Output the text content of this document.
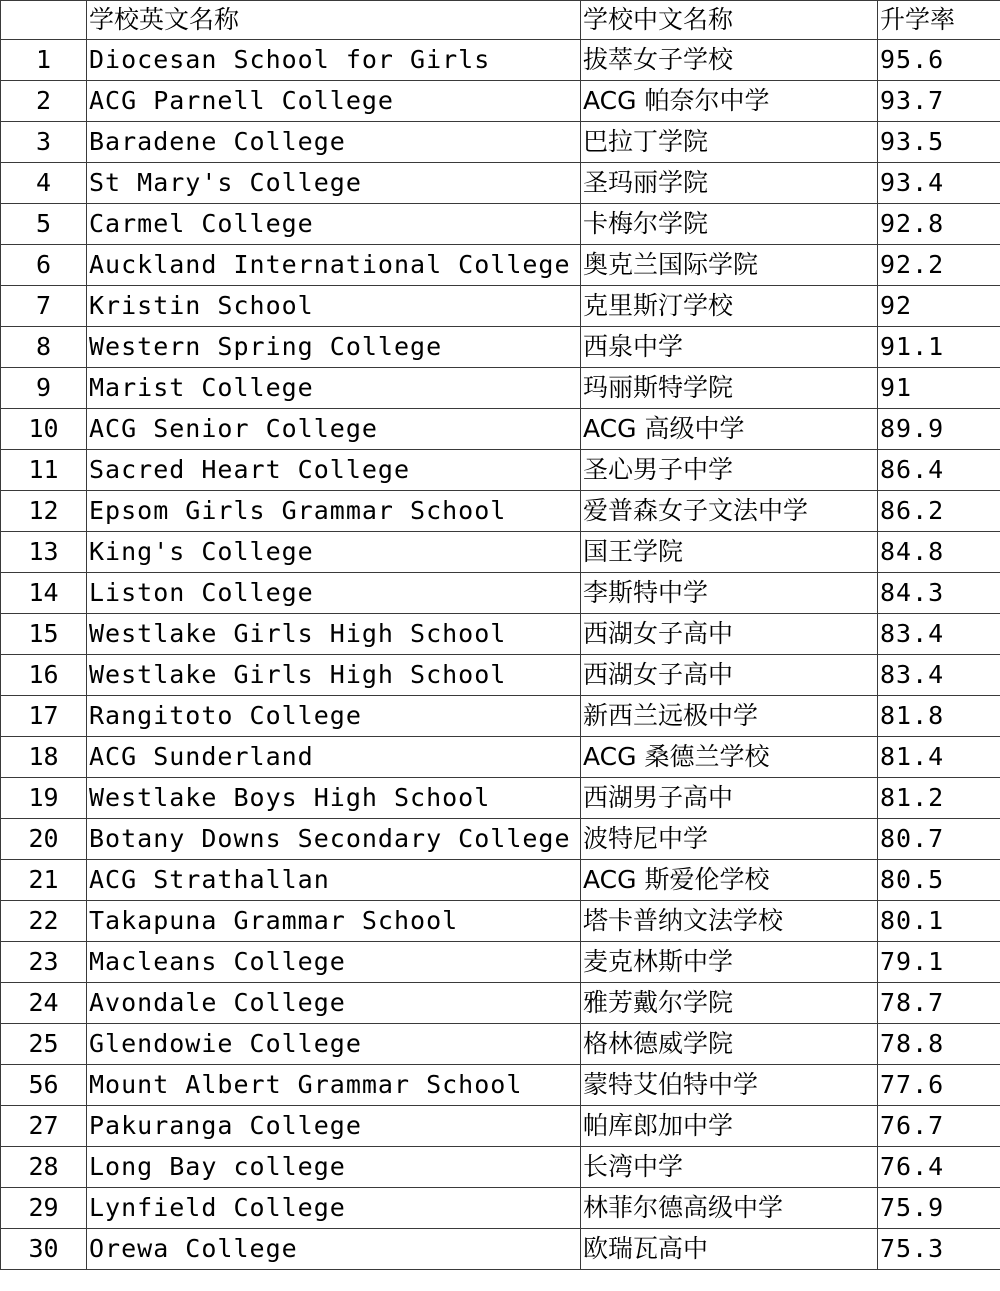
	学校英文名称	学校中文名称	升学率
1	Diocesan School for Girls	拔萃女子学校	95.6
2	ACG Parnell College	ACG 帕奈尔中学	93.7
3	Baradene College	巴拉丁学院	93.5
4	St Mary's College	圣玛丽学院	93.4
5	Carmel College	卡梅尔学院	92.8
6	Auckland International College	奥克兰国际学院	92.2
7	Kristin School	克里斯汀学校	92
8	Western Spring College	西泉中学	91.1
9	Marist College	玛丽斯特学院	91
10	ACG Senior College	ACG 高级中学	89.9
11	Sacred Heart College	圣心男子中学	86.4
12	Epsom Girls Grammar School	爱普森女子文法中学	86.2
13	King's College	国王学院	84.8
14	Liston College	李斯特中学	84.3
15	Westlake Girls High School	西湖女子高中	83.4
16	Westlake Girls High School	西湖女子高中	83.4
17	Rangitoto College	新西兰远极中学	81.8
18	ACG Sunderland	ACG 桑德兰学校	81.4
19	Westlake Boys High School	西湖男子高中	81.2
20	Botany Downs Secondary College	波特尼中学	80.7
21	ACG Strathallan	ACG 斯爱伦学校	80.5
22	Takapuna Grammar School	塔卡普纳文法学校	80.1
23	Macleans College	麦克林斯中学	79.1
24	Avondale College	雅芳戴尔学院	78.7
25	Glendowie College	格林德威学院	78.8
56	Mount Albert Grammar School	蒙特艾伯特中学	77.6
27	Pakuranga College	帕库郎加中学	76.7
28	Long Bay college	长湾中学	76.4
29	Lynfield College	林菲尔德高级中学	75.9
30	Orewa College	欧瑞瓦高中	75.3
